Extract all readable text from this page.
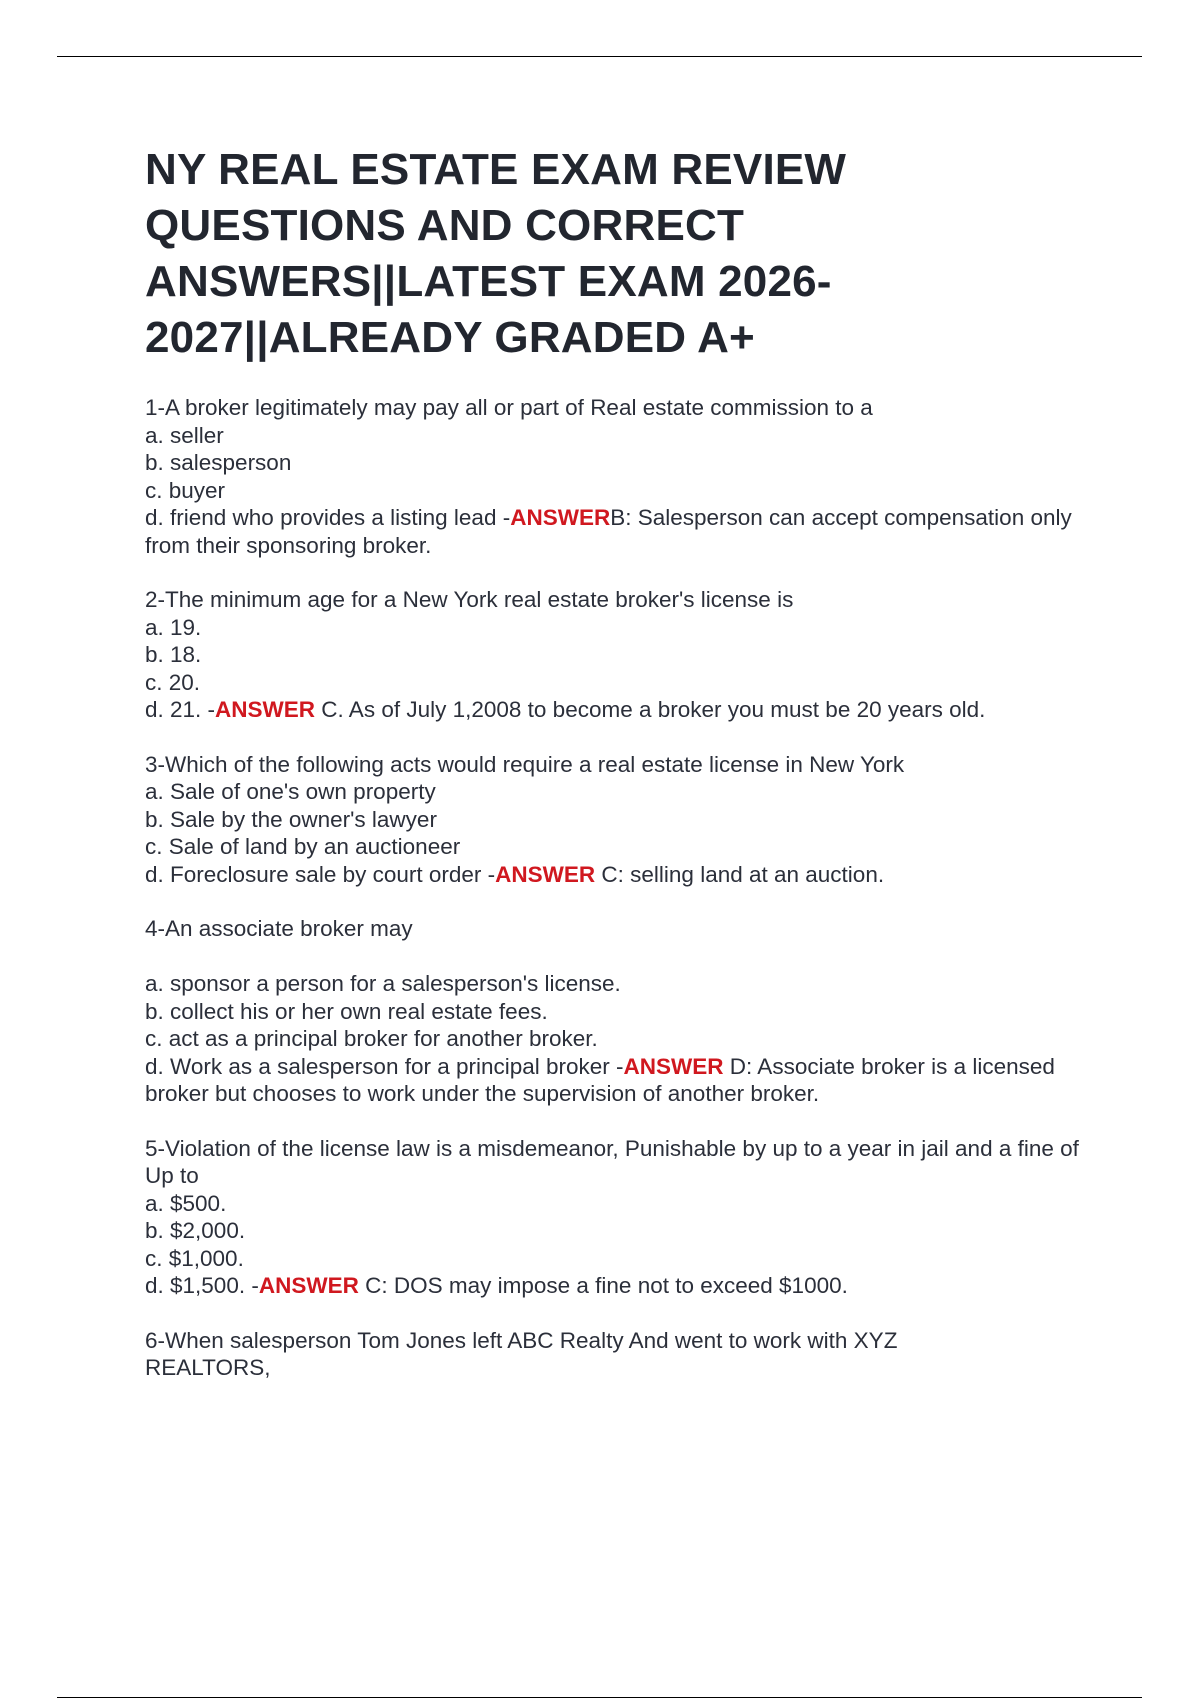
NY REAL ESTATE EXAM REVIEW QUESTIONS AND CORRECT ANSWERS||LATEST EXAM 2026-2027||ALREADY GRADED A+
1-A broker legitimately may pay all or part of Real estate commission to a
a. seller
b. salesperson
c. buyer
d. friend who provides a listing lead -ANSWERB: Salesperson can accept compensation only from their sponsoring broker.
2-The minimum age for a New York real estate broker's license is
a. 19.
b. 18.
c. 20.
d. 21. -ANSWER C. As of July 1,2008 to become a broker you must be 20 years old.
3-Which of the following acts would require a real estate license in New York
a. Sale of one's own property
b. Sale by the owner's lawyer
c. Sale of land by an auctioneer
d. Foreclosure sale by court order -ANSWER C: selling land at an auction.
4-An associate broker may
a. sponsor a person for a salesperson's license.
b. collect his or her own real estate fees.
c. act as a principal broker for another broker.
d. Work as a salesperson for a principal broker -ANSWER D: Associate broker is a licensed broker but chooses to work under the supervision of another broker.
5-Violation of the license law is a misdemeanor, Punishable by up to a year in jail and a fine of
Up to
a. $500.
b. $2,000.
c. $1,000.
d. $1,500. -ANSWER C: DOS may impose a fine not to exceed $1000.
6-When salesperson Tom Jones left ABC Realty And went to work with XYZ REALTORS,
